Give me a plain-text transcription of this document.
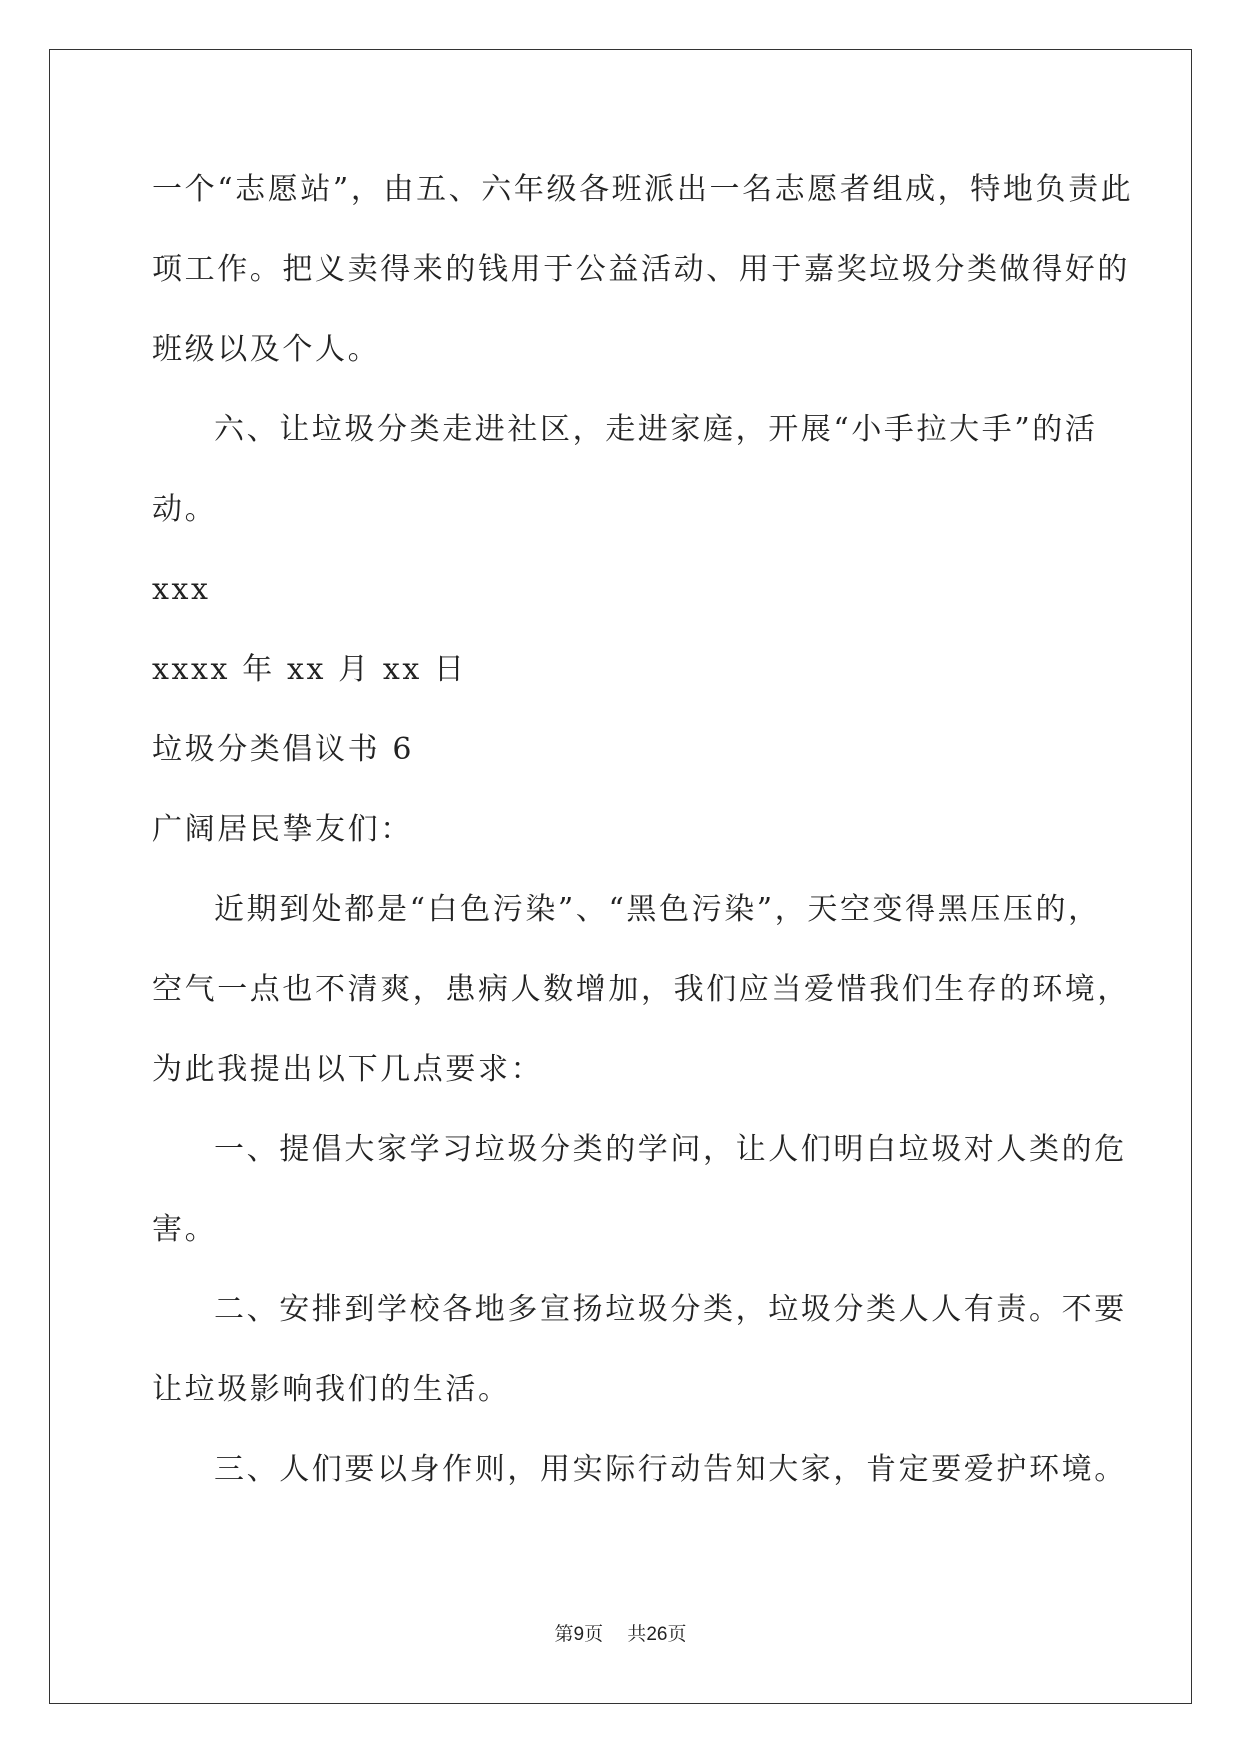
一个“志愿站”，由五、六年级各班派出一名志愿者组成，特地负责此
项工作。把义卖得来的钱用于公益活动、用于嘉奖垃圾分类做得好的
班级以及个人。
六、让垃圾分类走进社区，走进家庭，开展“小手拉大手”的活
动。
xxx
xxxx 年 xx 月 xx 日
垃圾分类倡议书 6
广阔居民挚友们：
近期到处都是“白色污染”、“黑色污染”，天空变得黑压压的，
空气一点也不清爽，患病人数增加，我们应当爱惜我们生存的环境，
为此我提出以下几点要求：
一、提倡大家学习垃圾分类的学问，让人们明白垃圾对人类的危
害。
二、安排到学校各地多宣扬垃圾分类，垃圾分类人人有责。不要
让垃圾影响我们的生活。
三、人们要以身作则，用实际行动告知大家，肯定要爱护环境。
第9页 共26页
